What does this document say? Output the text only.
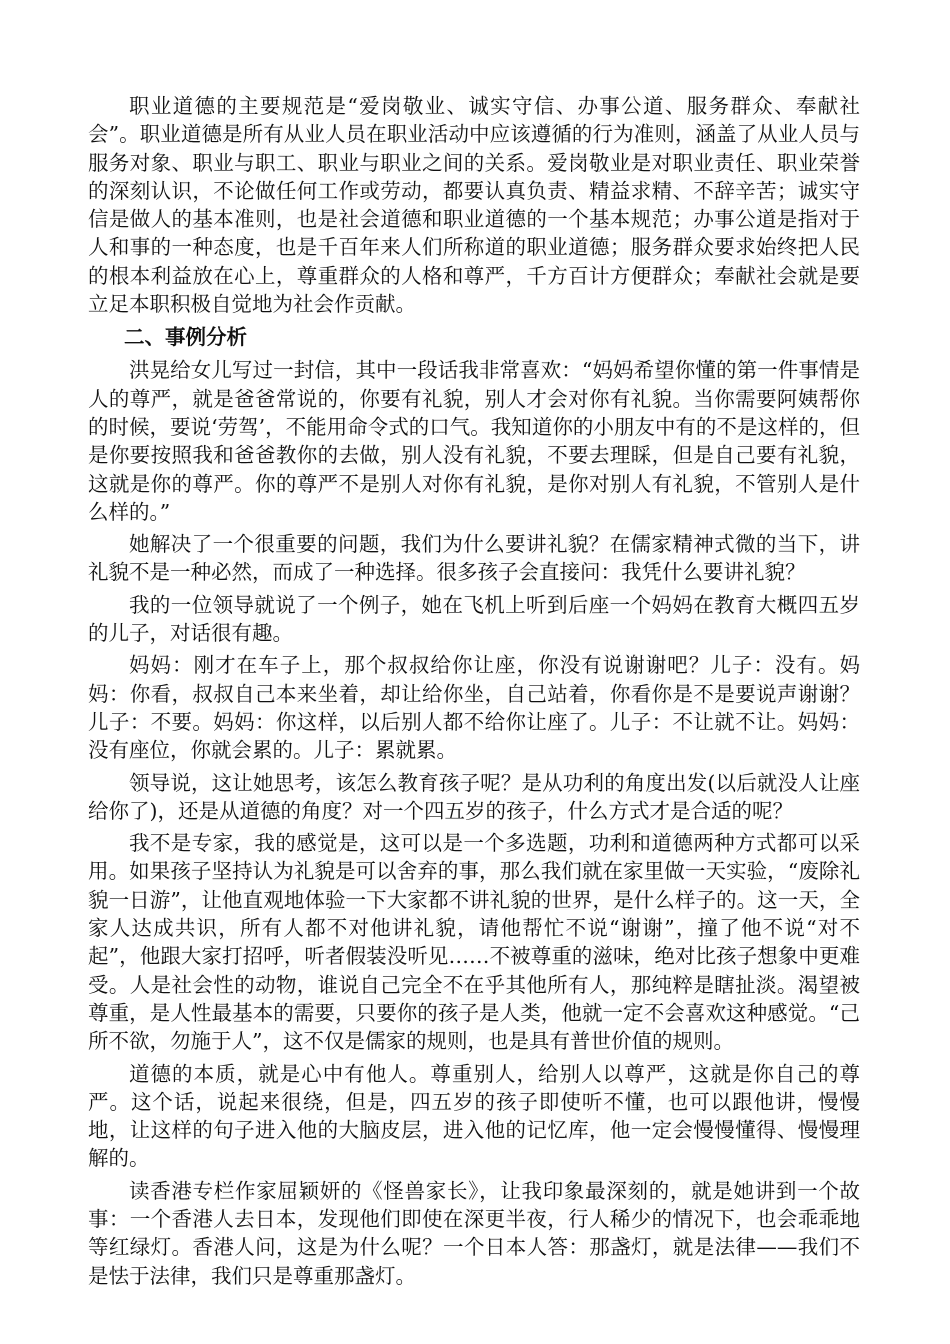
职业道德的主要规范是“爱岗敬业、诚实守信、办事公道、服务群众、奉献社会”。职业道德是所有从业人员在职业活动中应该遵循的行为准则，涵盖了从业人员与服务对象、职业与职工、职业与职业之间的关系。爱岗敬业是对职业责任、职业荣誉的深刻认识，不论做任何工作或劳动，都要认真负责、精益求精、不辞辛苦；诚实守信是做人的基本准则，也是社会道德和职业道德的一个基本规范；办事公道是指对于人和事的一种态度，也是千百年来人们所称道的职业道德；服务群众要求始终把人民的根本利益放在心上，尊重群众的人格和尊严，千方百计方便群众；奉献社会就是要立足本职积极自觉地为社会作贡献。

二、事例分析

洪晃给女儿写过一封信，其中一段话我非常喜欢：“妈妈希望你懂的第一件事情是人的尊严，就是爸爸常说的，你要有礼貌，别人才会对你有礼貌。当你需要阿姨帮你的时候，要说‘劳驾’，不能用命令式的口气。我知道你的小朋友中有的不是这样的，但是你要按照我和爸爸教你的去做，别人没有礼貌，不要去理睬，但是自己要有礼貌，这就是你的尊严。你的尊严不是别人对你有礼貌，是你对别人有礼貌，不管别人是什么样的。”

她解决了一个很重要的问题，我们为什么要讲礼貌？在儒家精神式微的当下，讲礼貌不是一种必然，而成了一种选择。很多孩子会直接问：我凭什么要讲礼貌？

我的一位领导就说了一个例子，她在飞机上听到后座一个妈妈在教育大概四五岁的儿子，对话很有趣。

妈妈：刚才在车子上，那个叔叔给你让座，你没有说谢谢吧？儿子：没有。妈妈：你看，叔叔自己本来坐着，却让给你坐，自己站着，你看你是不是要说声谢谢？儿子：不要。妈妈：你这样，以后别人都不给你让座了。儿子：不让就不让。妈妈：没有座位，你就会累的。儿子：累就累。

领导说，这让她思考，该怎么教育孩子呢？是从功利的角度出发(以后就没人让座给你了)，还是从道德的角度？对一个四五岁的孩子，什么方式才是合适的呢？

我不是专家，我的感觉是，这可以是一个多选题，功利和道德两种方式都可以采用。如果孩子坚持认为礼貌是可以舍弃的事，那么我们就在家里做一天实验，“废除礼貌一日游”，让他直观地体验一下大家都不讲礼貌的世界，是什么样子的。这一天，全家人达成共识，所有人都不对他讲礼貌，请他帮忙不说“谢谢”，撞了他不说“对不起”，他跟大家打招呼，听者假装没听见……不被尊重的滋味，绝对比孩子想象中更难受。人是社会性的动物，谁说自己完全不在乎其他所有人，那纯粹是瞎扯淡。渴望被尊重，是人性最基本的需要，只要你的孩子是人类，他就一定不会喜欢这种感觉。“己所不欲，勿施于人”，这不仅是儒家的规则，也是具有普世价值的规则。

道德的本质，就是心中有他人。尊重别人，给别人以尊严，这就是你自己的尊严。这个话，说起来很绕，但是，四五岁的孩子即使听不懂，也可以跟他讲，慢慢地，让这样的句子进入他的大脑皮层，进入他的记忆库，他一定会慢慢懂得、慢慢理解的。

读香港专栏作家屈颖妍的《怪兽家长》，让我印象最深刻的，就是她讲到一个故事：一个香港人去日本，发现他们即使在深更半夜，行人稀少的情况下，也会乖乖地等红绿灯。香港人问，这是为什么呢？一个日本人答：那盏灯，就是法律——我们不是怯于法律，我们只是尊重那盏灯。
